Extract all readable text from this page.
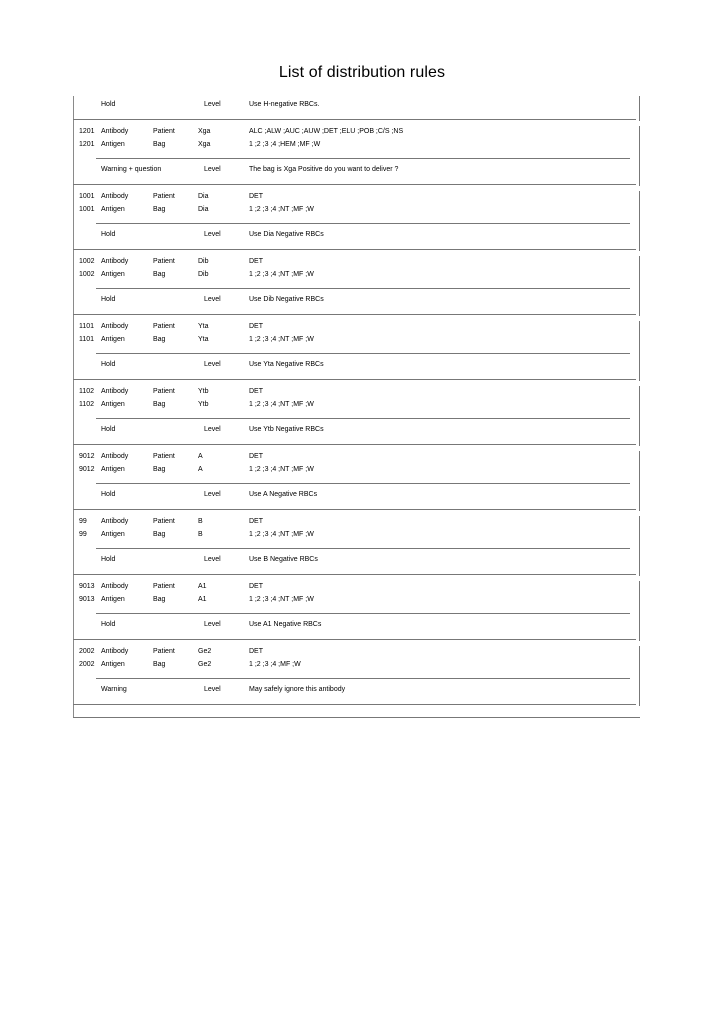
List of distribution rules
Hold	Level	Use H-negative RBCs.
1201 Antibody	Patient	Xga	ALC ;ALW ;AUC ;AUW ;DET ;ELU ;POB ;C/S ;NS
1201 Antigen	Bag	Xga	1 ;2 ;3 ;4 ;HEM ;MF ;W
Warning + question	Level	The bag is Xga Positive do you want to deliver ?
1001 Antibody	Patient	Dia	DET
1001 Antigen	Bag	Dia	1 ;2 ;3 ;4 ;NT ;MF ;W
Hold	Level	Use Dia Negative RBCs
1002 Antibody	Patient	Dib	DET
1002 Antigen	Bag	Dib	1 ;2 ;3 ;4 ;NT ;MF ;W
Hold	Level	Use Dib Negative RBCs
1101 Antibody	Patient	Yta	DET
1101 Antigen	Bag	Yta	1 ;2 ;3 ;4 ;NT ;MF ;W
Hold	Level	Use Yta Negative RBCs
1102 Antibody	Patient	Ytb	DET
1102 Antigen	Bag	Ytb	1 ;2 ;3 ;4 ;NT ;MF ;W
Hold	Level	Use Ytb Negative RBCs
9012 Antibody	Patient	A	DET
9012 Antigen	Bag	A	1 ;2 ;3 ;4 ;NT ;MF ;W
Hold	Level	Use A Negative RBCs
99 Antibody	Patient	B	DET
99 Antigen	Bag	B	1 ;2 ;3 ;4 ;NT ;MF ;W
Hold	Level	Use B Negative RBCs
9013 Antibody	Patient	A1	DET
9013 Antigen	Bag	A1	1 ;2 ;3 ;4 ;NT ;MF ;W
Hold	Level	Use A1 Negative RBCs
2002 Antibody	Patient	Ge2	DET
2002 Antigen	Bag	Ge2	1 ;2 ;3 ;4 ;MF ;W
Warning	Level	May safely ignore this antibody
